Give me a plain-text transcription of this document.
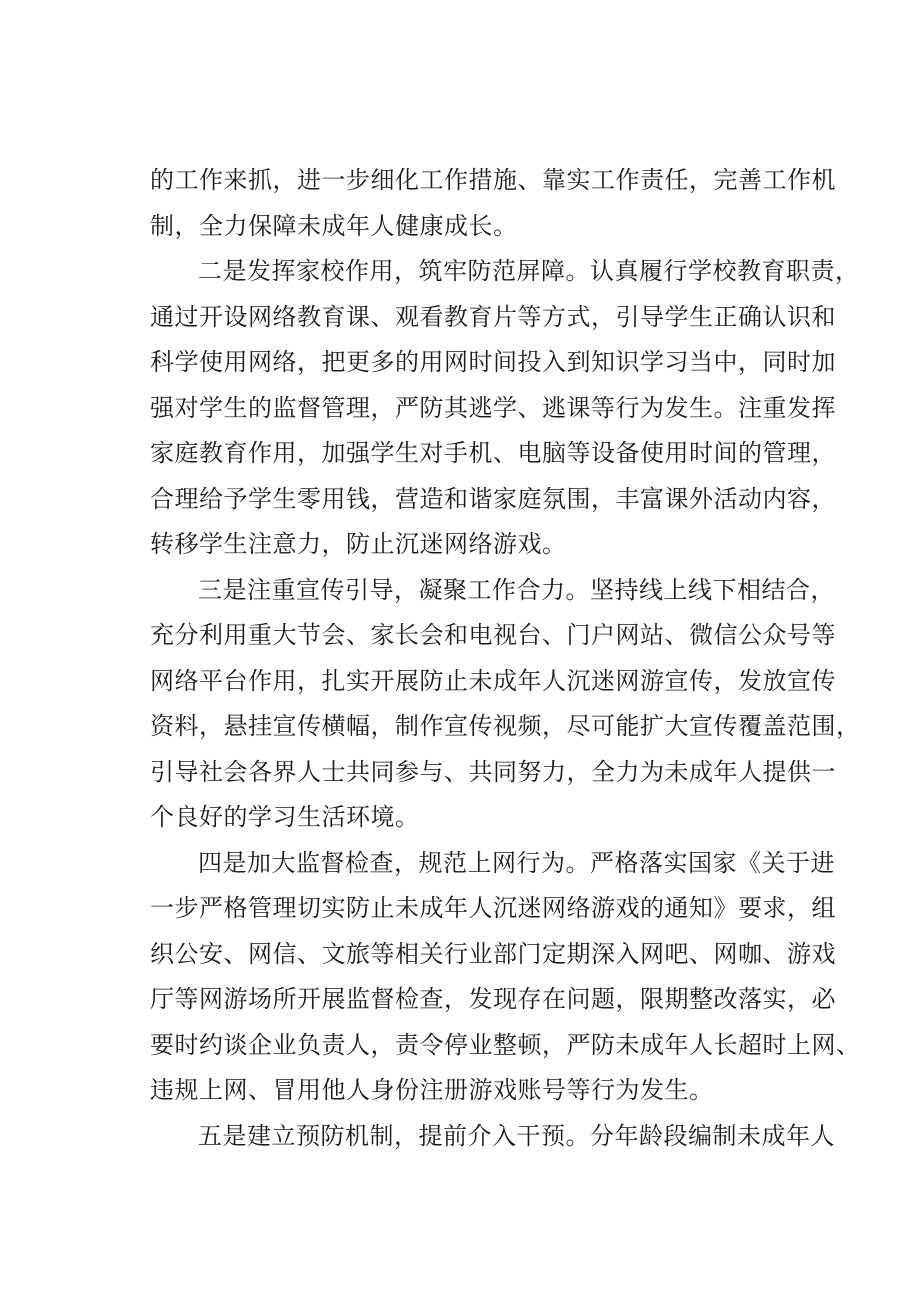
的工作来抓，进一步细化工作措施、靠实工作责任，完善工作机
制，全力保障未成年人健康成长。
二是发挥家校作用，筑牢防范屏障。认真履行学校教育职责，
通过开设网络教育课、观看教育片等方式，引导学生正确认识和
科学使用网络，把更多的用网时间投入到知识学习当中，同时加
强对学生的监督管理，严防其逃学、逃课等行为发生。注重发挥
家庭教育作用，加强学生对手机、电脑等设备使用时间的管理，
合理给予学生零用钱，营造和谐家庭氛围，丰富课外活动内容，
转移学生注意力，防止沉迷网络游戏。
三是注重宣传引导，凝聚工作合力。坚持线上线下相结合，
充分利用重大节会、家长会和电视台、门户网站、微信公众号等
网络平台作用，扎实开展防止未成年人沉迷网游宣传，发放宣传
资料，悬挂宣传横幅，制作宣传视频，尽可能扩大宣传覆盖范围，
引导社会各界人士共同参与、共同努力，全力为未成年人提供一
个良好的学习生活环境。
四是加大监督检查，规范上网行为。严格落实国家《关于进
一步严格管理切实防止未成年人沉迷网络游戏的通知》要求，组
织公安、网信、文旅等相关行业部门定期深入网吧、网咖、游戏
厅等网游场所开展监督检查，发现存在问题，限期整改落实，必
要时约谈企业负责人，责令停业整顿，严防未成年人长超时上网、
违规上网、冒用他人身份注册游戏账号等行为发生。
五是建立预防机制，提前介入干预。分年龄段编制未成年人
